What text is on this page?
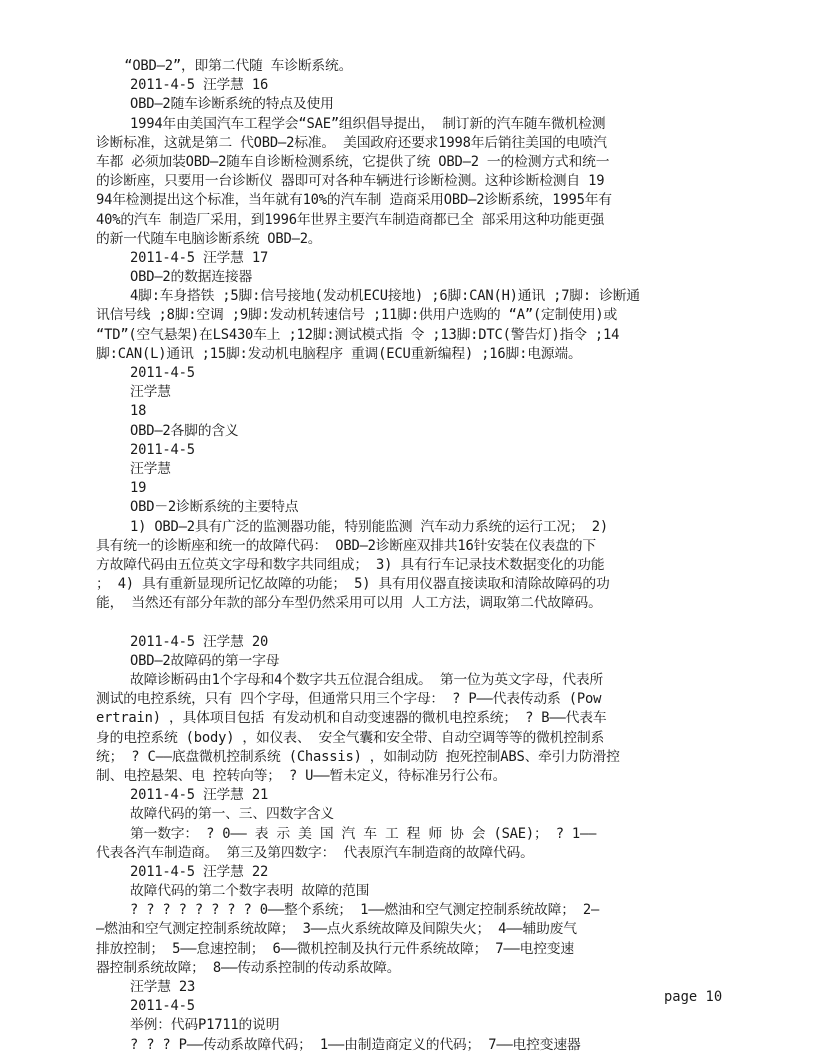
“OBD—2”，即第二代随 车诊断系统。
2011-4-5 汪学慧 16
OBD—2随车诊断系统的特点及使用
1994年由美国汽车工程学会“SAE”组织倡导提出， 制订新的汽车随车微机检测
诊断标准，这就是第二 代OBD—2标准。 美国政府还要求1998年后销往美国的电喷汽
车都 必须加装OBD—2随车自诊断检测系统，它提供了统 OBD—2 一的检测方式和统一
的诊断座，只要用一台诊断仪 器即可对各种车辆进行诊断检测。这种诊断检测自 19
94年检测提出这个标准，当年就有10%的汽车制 造商采用OBD—2诊断系统，1995年有
40%的汽车 制造厂采用，到1996年世界主要汽车制造商都已全 部采用这种功能更强
的新一代随车电脑诊断系统 OBD—2。
2011-4-5 汪学慧 17
OBD—2的数据连接器
4脚:车身搭铁 ;5脚:信号接地(发动机ECU接地) ;6脚:CAN(H)通讯 ;7脚: 诊断通
讯信号线 ;8脚:空调 ;9脚:发动机转速信号 ;11脚:供用户选购的 “A”(定制使用)或
“TD”(空气悬架)在LS430车上 ;12脚:测试模式指 令 ;13脚:DTC(警告灯)指令 ;14
脚:CAN(L)通讯 ;15脚:发动机电脑程序 重调(ECU重新编程) ;16脚:电源端。
2011-4-5
汪学慧
18
OBD—2各脚的含义
2011-4-5
汪学慧
19
OBD－2诊断系统的主要特点
1) OBD—2具有广泛的监测器功能，特别能监测 汽车动力系统的运行工况； 2)
具有统一的诊断座和统一的故障代码： OBD—2诊断座双排共16针安装在仪表盘的下
方故障代码由五位英文字母和数字共同组成； 3) 具有行车记录技术数据变化的功能
； 4) 具有重新显现所记忆故障的功能； 5) 具有用仪器直接读取和清除故障码的功
能， 当然还有部分年款的部分车型仍然采用可以用 人工方法，调取第二代故障码。
2011-4-5 汪学慧 20
OBD—2故障码的第一字母
故障诊断码由1个字母和4个数字共五位混合组成。 第一位为英文字母，代表所
测试的电控系统，只有 四个字母，但通常只用三个字母： ? P——代表传动系 (Pow
ertrain) ，具体项目包括 有发动机和自动变速器的微机电控系统； ? B——代表车
身的电控系统 (body) ，如仪表、 安全气囊和安全带、自动空调等等的微机控制系
统； ? C——底盘微机控制系统 (Chassis) ，如制动防 抱死控制ABS、牵引力防滑控
制、电控悬架、电 控转向等； ? U——暂未定义，待标准另行公布。
2011-4-5 汪学慧 21
故障代码的第一、三、四数字含义
第一数字： ? 0—— 表 示 美 国 汽 车 工 程 师 协 会 (SAE)； ? 1——
代表各汽车制造商。 第三及第四数字： 代表原汽车制造商的故障代码。
2011-4-5 汪学慧 22
故障代码的第二个数字表明 故障的范围
? ? ? ? ? ? ? ? 0——整个系统； 1——燃油和空气测定控制系统故障； 2—
—燃油和空气测定控制系统故障； 3——点火系统故障及间隙失火； 4——辅助废气
排放控制； 5——怠速控制； 6——微机控制及执行元件系统故障； 7——电控变速
器控制系统故障； 8——传动系控制的传动系故障。
汪学慧 23
2011-4-5
举例：代码P1711的说明
? ? ? P——传动系故障代码； 1——由制造商定义的代码； 7——电控变速器
page 10
